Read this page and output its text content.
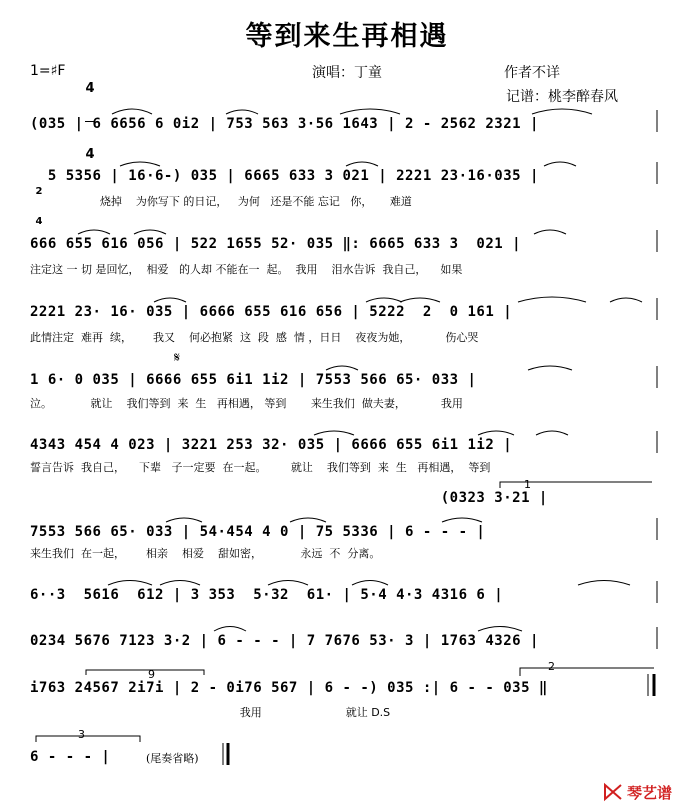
等到来生再相遇
1=♯F

4

4

演唱：丁童	作者不详
记谱：桃李醉春风
(035 | 6 6656 6 0i2 | 753 563 3·56 1643 | 2 - 2562 2321 |

2

4

5 5356 | 16·6-) 035 | 6665 633 3 021 | 2221 23·16·035 |
烧掉    为你写下 的日记，   为何   还是不能 忘记   你，     难道
666 655 616 056 | 522 1655 52· 035 ‖: 6665 633 3  021 |
注定这 一 切 是回忆，  相爱   的人却 不能在一  起。  我用    泪水告诉  我自己，    如果
2221 23· 16· 035 | 6666 655 616 656 | 5222  2  0 161 |
此情注定  难再  续，      我又    何必抱紧  这  段  感  情 ，日日    夜夜为她，          伤心哭
𝄋
1 6· 0 035 | 6666 655 6i1 1i2 | 7553 566 65· 033 |
泣。           就让    我们等到  来  生   再相遇， 等到       来生我们  做夫妻，          我用
4343 454 4 023 | 3221 253 32· 035 | 6666 655 6i1 1i2 |
誓言告诉  我自己，    下辈   子一定要  在一起。       就让    我们等到  来  生   再相遇，  等到
1
(0323 3·21 |
7553 566 65· 033 | 54·454 4 0 | 75 5336 | 6 - - - |
来生我们  在一起，      相亲    相爱    甜如密，           永远  不  分离。
6··3  5616  612 | 3 353  5·32  61· | 5·4 4·3 4316 6 |
0234 5676 7123 3·2 | 6 - - - | 7 7676 53· 3 | 1763 4326 |
9
2
i763 24567 2i7i | 2 - 0i76 567 | 6 - -) 035 :| 6 - - 035 ‖
我用                        就让 D.S
3
6 - - - |	(尾奏省略)
琴艺谱
